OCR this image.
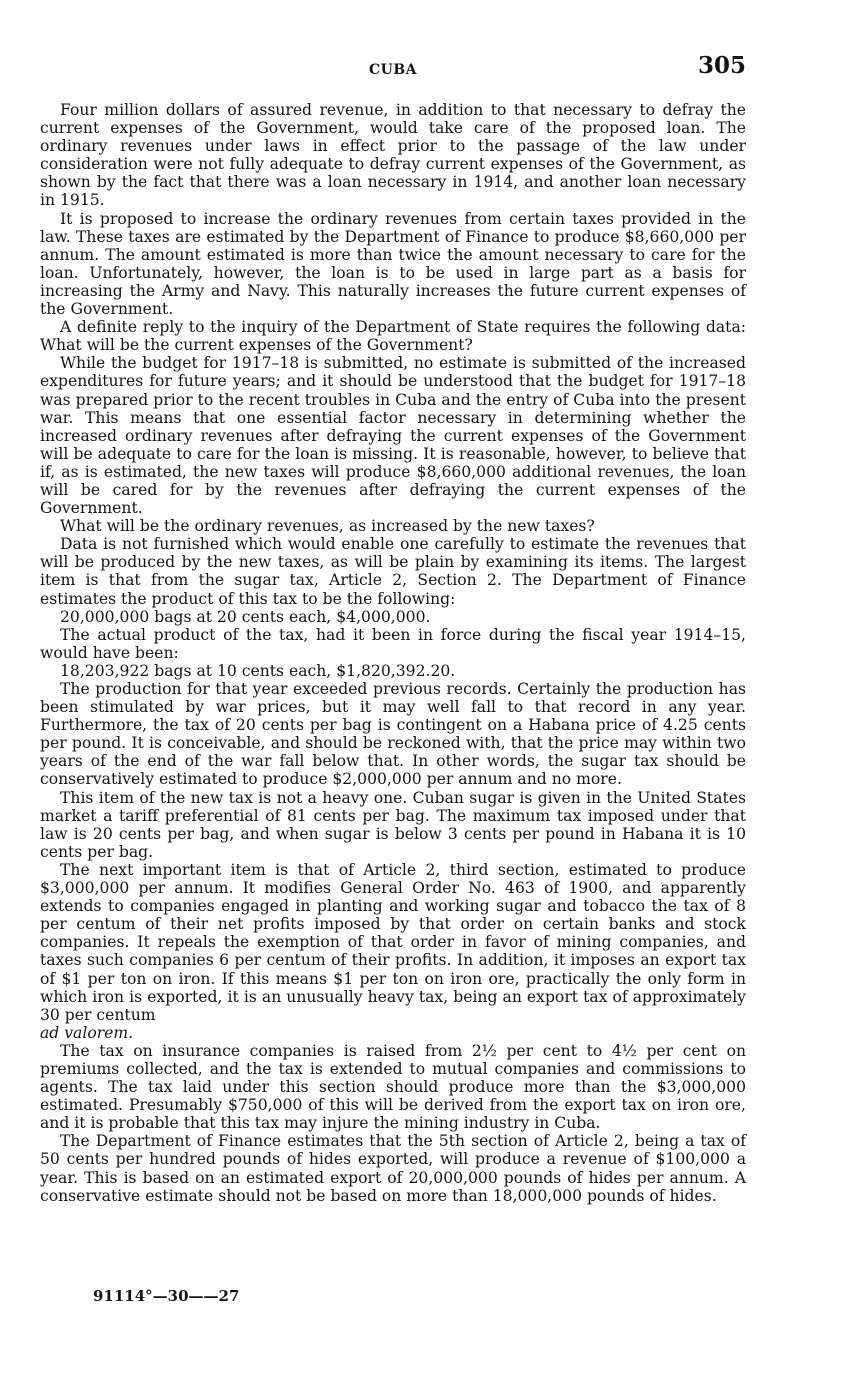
CUBA	305

Four million dollars of assured revenue, in addition to that necessary to defray the current expenses of the Government, would take care of the proposed loan. The ordinary revenues under laws in effect prior to the passage of the law under consideration were not fully adequate to defray current expenses of the Government, as shown by the fact that there was a loan necessary in 1914, and another loan necessary in 1915.

It is proposed to increase the ordinary revenues from certain taxes provided in the law. These taxes are estimated by the Department of Finance to produce $8,660,000 per annum. The amount estimated is more than twice the amount necessary to care for the loan. Unfortunately, however, the loan is to be used in large part as a basis for increasing the Army and Navy. This naturally increases the future current expenses of the Government.

A definite reply to the inquiry of the Department of State requires the following data: What will be the current expenses of the Government?

While the budget for 1917–18 is submitted, no estimate is submitted of the increased expenditures for future years; and it should be understood that the budget for 1917–18 was prepared prior to the recent troubles in Cuba and the entry of Cuba into the present war. This means that one essential factor necessary in determining whether the increased ordinary revenues after defraying the current expenses of the Government will be adequate to care for the loan is missing. It is reasonable, however, to believe that if, as is estimated, the new taxes will produce $8,660,000 additional revenues, the loan will be cared for by the revenues after defraying the current expenses of the Government.

What will be the ordinary revenues, as increased by the new taxes?

Data is not furnished which would enable one carefully to estimate the revenues that will be produced by the new taxes, as will be plain by examining its items. The largest item is that from the sugar tax, Article 2, Section 2. The Department of Finance estimates the product of this tax to be the following:

20,000,000 bags at 20 cents each, $4,000,000.

The actual product of the tax, had it been in force during the fiscal year 1914–15, would have been:

18,203,922 bags at 10 cents each, $1,820,392.20.

The production for that year exceeded previous records. Certainly the production has been stimulated by war prices, but it may well fall to that record in any year. Furthermore, the tax of 20 cents per bag is contingent on a Habana price of 4.25 cents per pound. It is conceivable, and should be reckoned with, that the price may within two years of the end of the war fall below that. In other words, the sugar tax should be conservatively estimated to produce $2,000,000 per annum and no more.

This item of the new tax is not a heavy one. Cuban sugar is given in the United States market a tariff preferential of 81 cents per bag. The maximum tax imposed under that law is 20 cents per bag, and when sugar is below 3 cents per pound in Habana it is 10 cents per bag.

The next important item is that of Article 2, third section, estimated to produce $3,000,000 per annum. It modifies General Order No. 463 of 1900, and apparently extends to companies engaged in planting and working sugar and tobacco the tax of 8 per centum of their net profits imposed by that order on certain banks and stock companies. It repeals the exemption of that order in favor of mining companies, and taxes such companies 6 per centum of their profits. In addition, it imposes an export tax of $1 per ton on iron. If this means $1 per ton on iron ore, practically the only form in which iron is exported, it is an unusually heavy tax, being an export tax of approximately 30 per centum

ad valorem.

The tax on insurance companies is raised from 2½ per cent to 4½ per cent on premiums collected, and the tax is extended to mutual companies and commissions to agents. The tax laid under this section should produce more than the $3,000,000 estimated. Presumably $750,000 of this will be derived from the export tax on iron ore, and it is probable that this tax may injure the mining industry in Cuba.

The Department of Finance estimates that the 5th section of Article 2, being a tax of 50 cents per hundred pounds of hides exported, will produce a revenue of $100,000 a year. This is based on an estimated export of 20,000,000 pounds of hides per annum. A conservative estimate should not be based on more than 18,000,000 pounds of hides.

91114°—30——27
